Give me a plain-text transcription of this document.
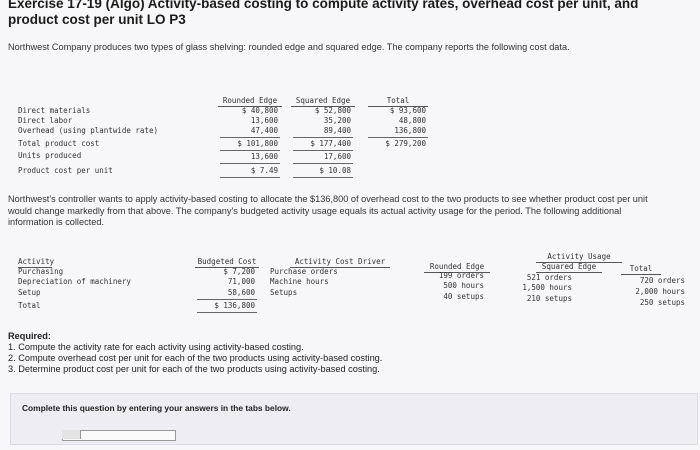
Exercise 17-19 (Algo) Activity-based costing to compute activity rates, overhead cost per unit, and
product cost per unit LO P3
Northwest Company produces two types of glass shelving: rounded edge and squared edge. The company reports the following cost data.
Rounded Edge	Squared Edge	Total
Direct materials	$ 40,800	$ 52,800	$ 93,600
Direct labor	13,600	35,200	48,800
Overhead (using plantwide rate)	47,400	89,400	136,800
Total product cost	$ 101,800	$ 177,400	$ 279,200
Units produced	13,600	17,600
Product cost per unit	$ 7.49	$ 10.08
Northwest's controller wants to apply activity-based costing to allocate the $136,800 of overhead cost to the two products to see whether product cost per unit would change markedly from that above. The company's budgeted activity usage equals its actual activity usage for the period. The following additional information is collected.
Activity	Budgeted Cost	Activity Cost Driver
Activity Usage
Rounded Edge	Squared Edge	Total
Purchasing	$ 7,200 Purchase orders	199 orders	521 orders	720 orders
Depreciation of machinery	71,000 Machine hours	500 hours	1,500 hours	2,000 hours
Setup	58,600 Setups	40 setups	210 setups	250 setups
Total	$ 136,800
Required:
1. Compute the activity rate for each activity using activity-based costing.
2. Compute overhead cost per unit for each of the two products using activity-based costing.
3. Determine product cost per unit for each of the two products using activity-based costing.
Complete this question by entering your answers in the tabs below.
